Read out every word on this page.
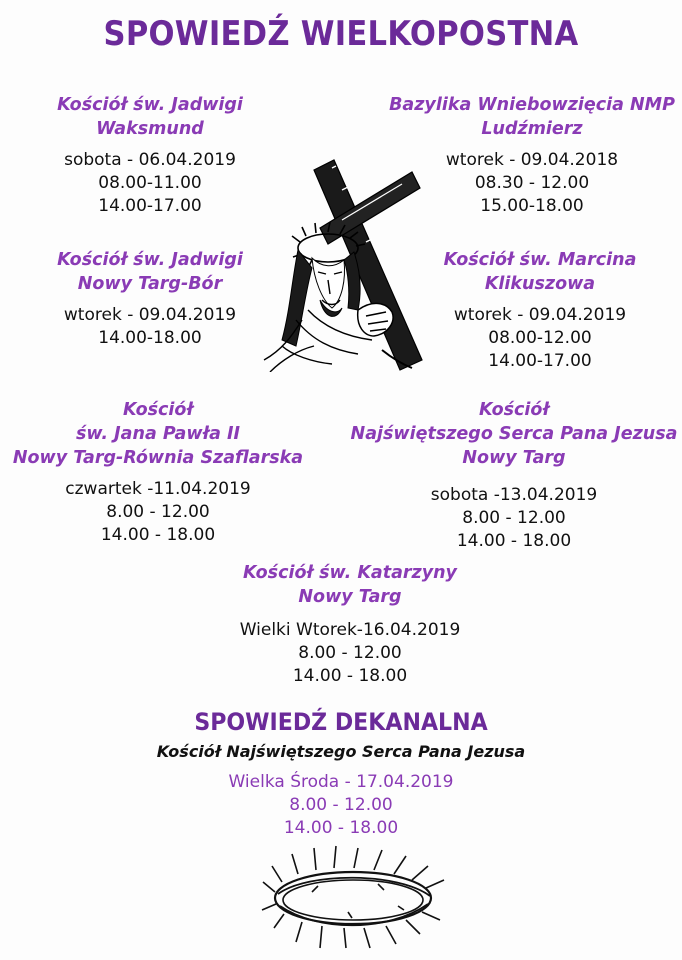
SPOWIEDŹ WIELKOPOSTNA
Kościół św. Jadwigi
Waksmund
sobota - 06.04.2019
08.00-11.00
14.00-17.00
Bazylika Wniebowzięcia NMP
Ludźmierz
wtorek - 09.04.2018
08.30 - 12.00
15.00-18.00
Kościół św. Jadwigi
Nowy Targ-Bór
wtorek - 09.04.2019
14.00-18.00
Kościół św. Marcina
Klikuszowa
wtorek - 09.04.2019
08.00-12.00
14.00-17.00
Kościół
św. Jana Pawła II
Nowy Targ-Równia Szaflarska
czwartek -11.04.2019
8.00 - 12.00
14.00 - 18.00
Kościół
Najświętszego Serca Pana Jezusa
Nowy Targ
sobota -13.04.2019
8.00 - 12.00
14.00 - 18.00
Kościół św. Katarzyny
Nowy Targ
Wielki Wtorek-16.04.2019
8.00 - 12.00
14.00 - 18.00
SPOWIEDŹ DEKANALNA
Kościół Najświętszego Serca Pana Jezusa
Wielka Środa - 17.04.2019
8.00 - 12.00
14.00 - 18.00
